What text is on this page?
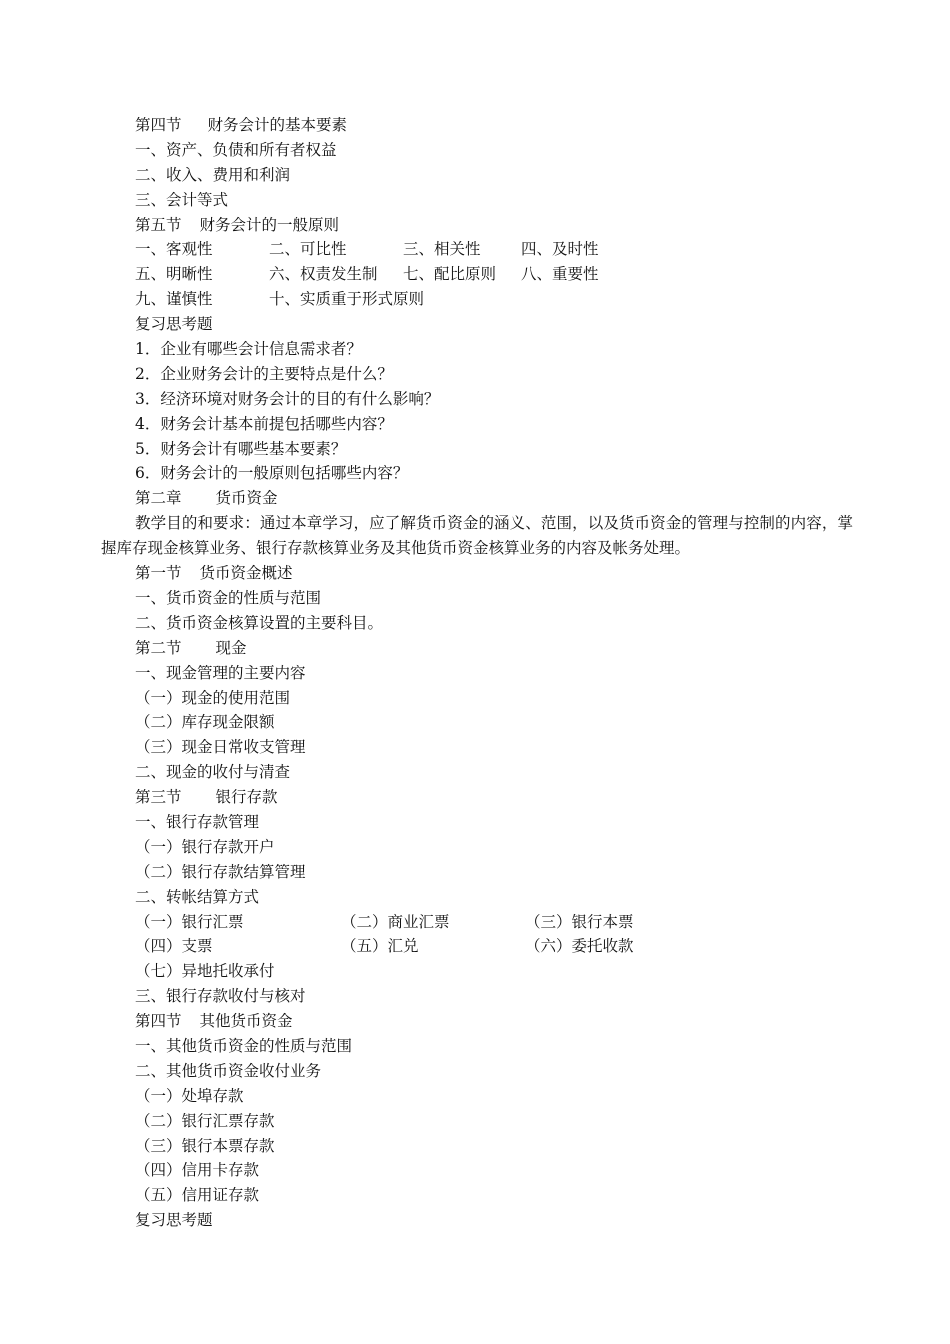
第四节 财务会计的基本要素
一、资产、负债和所有者权益
二、收入、费用和利润
三、会计等式
第五节 财务会计的一般原则
一、客观性	二、可比性	三、相关性	四、及时性
五、明晰性	六、权责发生制	七、配比原则	八、重要性
九、谨慎性	十、实质重于形式原则
复习思考题
1．企业有哪些会计信息需求者？
2．企业财务会计的主要特点是什么？
3．经济环境对财务会计的目的有什么影响？
4．财务会计基本前提包括哪些内容？
5．财务会计有哪些基本要素？
6．财务会计的一般原则包括哪些内容？
第二章 货币资金
教学目的和要求：通过本章学习，应了解货币资金的涵义、范围，以及货币资金的管理与控制的内容，掌握库存现金核算业务、银行存款核算业务及其他货币资金核算业务的内容及帐务处理。
第一节 货币资金概述
一、货币资金的性质与范围
二、货币资金核算设置的主要科目。
第二节 现金
一、现金管理的主要内容
（一）现金的使用范围
（二）库存现金限额
（三）现金日常收支管理
二、现金的收付与清查
第三节 银行存款
一、银行存款管理
（一）银行存款开户
（二）银行存款结算管理
二、转帐结算方式
（一）银行汇票	（二）商业汇票	（三）银行本票
（四）支票	（五）汇兑	（六）委托收款
（七）异地托收承付
三、银行存款收付与核对
第四节 其他货币资金
一、其他货币资金的性质与范围
二、其他货币资金收付业务
（一）处埠存款
（二）银行汇票存款
（三）银行本票存款
（四）信用卡存款
（五）信用证存款
复习思考题
